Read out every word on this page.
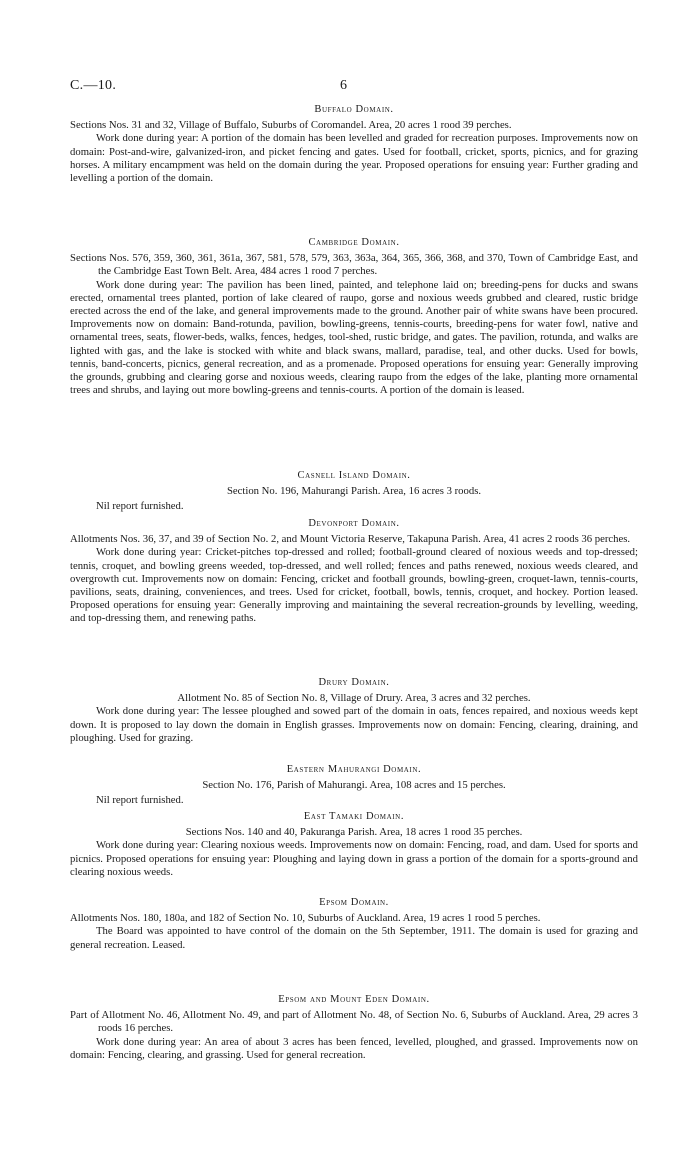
C.—10.	6
Buffalo Domain.

Sections Nos. 31 and 32, Village of Buffalo, Suburbs of Coromandel. Area, 20 acres 1 rood 39 perches.

Work done during year: A portion of the domain has been levelled and graded for recreation purposes. Improvements now on domain: Post-and-wire, galvanized-iron, and picket fencing and gates. Used for football, cricket, sports, picnics, and for grazing horses. A military encampment was held on the domain during the year. Proposed operations for ensuing year: Further grading and levelling a portion of the domain.

Cambridge Domain.

Sections Nos. 576, 359, 360, 361, 361a, 367, 581, 578, 579, 363, 363a, 364, 365, 366, 368, and 370, Town of Cambridge East, and the Cambridge East Town Belt. Area, 484 acres 1 rood 7 perches.

Work done during year: The pavilion has been lined, painted, and telephone laid on; breeding-pens for ducks and swans erected, ornamental trees planted, portion of lake cleared of raupo, gorse and noxious weeds grubbed and cleared, rustic bridge erected across the end of the lake, and general improvements made to the ground. Another pair of white swans have been procured. Improvements now on domain: Band-rotunda, pavilion, bowling-greens, tennis-courts, breeding-pens for water fowl, native and ornamental trees, seats, flower-beds, walks, fences, hedges, tool-shed, rustic bridge, and gates. The pavilion, rotunda, and walks are lighted with gas, and the lake is stocked with white and black swans, mallard, paradise, teal, and other ducks. Used for bowls, tennis, band-concerts, picnics, general recreation, and as a promenade. Proposed operations for ensuing year: Generally improving the grounds, grubbing and clearing gorse and noxious weeds, clearing raupo from the edges of the lake, planting more ornamental trees and shrubs, and laying out more bowling-greens and tennis-courts. A portion of the domain is leased.

Casnell Island Domain.

Section No. 196, Mahurangi Parish. Area, 16 acres 3 roods.

Nil report furnished.

Devonport Domain.

Allotments Nos. 36, 37, and 39 of Section No. 2, and Mount Victoria Reserve, Takapuna Parish. Area, 41 acres 2 roods 36 perches.

Work done during year: Cricket-pitches top-dressed and rolled; football-ground cleared of noxious weeds and top-dressed; tennis, croquet, and bowling greens weeded, top-dressed, and well rolled; fences and paths renewed, noxious weeds cleared, and overgrowth cut. Improvements now on domain: Fencing, cricket and football grounds, bowling-green, croquet-lawn, tennis-courts, pavilions, seats, draining, conveniences, and trees. Used for cricket, football, bowls, tennis, croquet, and hockey. Portion leased. Proposed operations for ensuing year: Generally improving and maintaining the several recreation-grounds by levelling, weeding, and top-dressing them, and renewing paths.

Drury Domain.

Allotment No. 85 of Section No. 8, Village of Drury. Area, 3 acres and 32 perches.

Work done during year: The lessee ploughed and sowed part of the domain in oats, fences repaired, and noxious weeds kept down. It is proposed to lay down the domain in English grasses. Improvements now on domain: Fencing, clearing, draining, and ploughing. Used for grazing.

Eastern Mahurangi Domain.

Section No. 176, Parish of Mahurangi. Area, 108 acres and 15 perches.

Nil report furnished.

East Tamaki Domain.

Sections Nos. 140 and 40, Pakuranga Parish. Area, 18 acres 1 rood 35 perches.

Work done during year: Clearing noxious weeds. Improvements now on domain: Fencing, road, and dam. Used for sports and picnics. Proposed operations for ensuing year: Ploughing and laying down in grass a portion of the domain for a sports-ground and clearing noxious weeds.

Epsom Domain.

Allotments Nos. 180, 180a, and 182 of Section No. 10, Suburbs of Auckland. Area, 19 acres 1 rood 5 perches.

The Board was appointed to have control of the domain on the 5th September, 1911. The domain is used for grazing and general recreation. Leased.

Epsom and Mount Eden Domain.

Part of Allotment No. 46, Allotment No. 49, and part of Allotment No. 48, of Section No. 6, Suburbs of Auckland. Area, 29 acres 3 roods 16 perches.

Work done during year: An area of about 3 acres has been fenced, levelled, ploughed, and grassed. Improvements now on domain: Fencing, clearing, and grassing. Used for general recreation.
